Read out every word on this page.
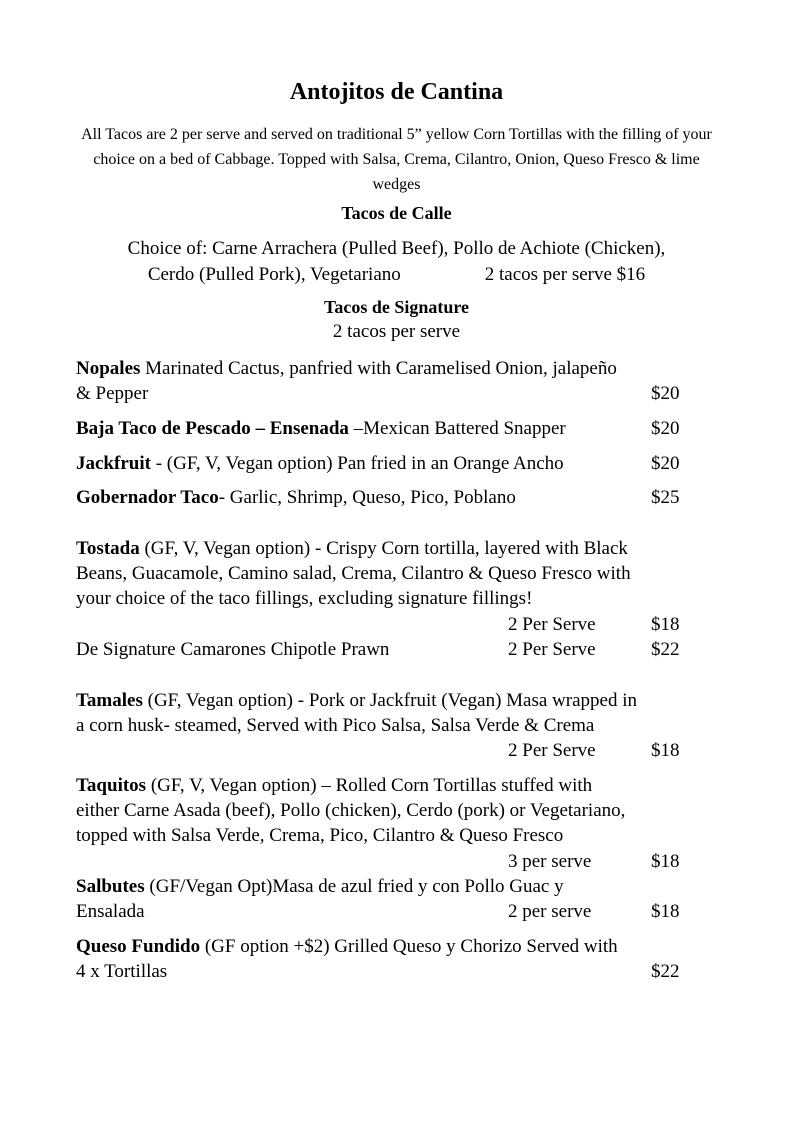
Antojitos de Cantina
All Tacos are 2 per serve and served on traditional 5” yellow Corn Tortillas with the filling of your choice on a bed of Cabbage. Topped with Salsa, Crema, Cilantro, Onion, Queso Fresco & lime wedges
Tacos de Calle
Choice of: Carne Arrachera (Pulled Beef), Pollo de Achiote (Chicken),
Cerdo (Pulled Pork), Vegetariano	2 tacos per serve $16
Tacos de Signature
2 tacos per serve
Nopales Marinated Cactus, panfried with Caramelised Onion, jalapeño
& Pepper	$20
Baja Taco de Pescado – Ensenada –Mexican Battered Snapper	$20
Jackfruit - (GF, V, Vegan option) Pan fried in an Orange Ancho	$20
Gobernador Taco- Garlic, Shrimp, Queso, Pico, Poblano	$25
Tostada (GF, V, Vegan option) - Crispy Corn tortilla, layered with Black
Beans, Guacamole, Camino salad, Crema, Cilantro & Queso Fresco with
your choice of the taco fillings, excluding signature fillings!
2 Per Serve	$18
De Signature Camarones Chipotle Prawn	2 Per Serve	$22
Tamales (GF, Vegan option) - Pork or Jackfruit (Vegan) Masa wrapped in
a corn husk- steamed, Served with Pico Salsa, Salsa Verde & Crema
2 Per Serve	$18
Taquitos (GF, V, Vegan option) – Rolled Corn Tortillas stuffed with
either Carne Asada (beef), Pollo (chicken), Cerdo (pork) or Vegetariano,
topped with Salsa Verde, Crema, Pico, Cilantro & Queso Fresco
3 per serve	$18
Salbutes (GF/Vegan Opt)Masa de azul fried y con Pollo Guac y
Ensalada	2 per serve	$18
Queso Fundido (GF option +$2) Grilled Queso y Chorizo Served with
4 x Tortillas	$22
